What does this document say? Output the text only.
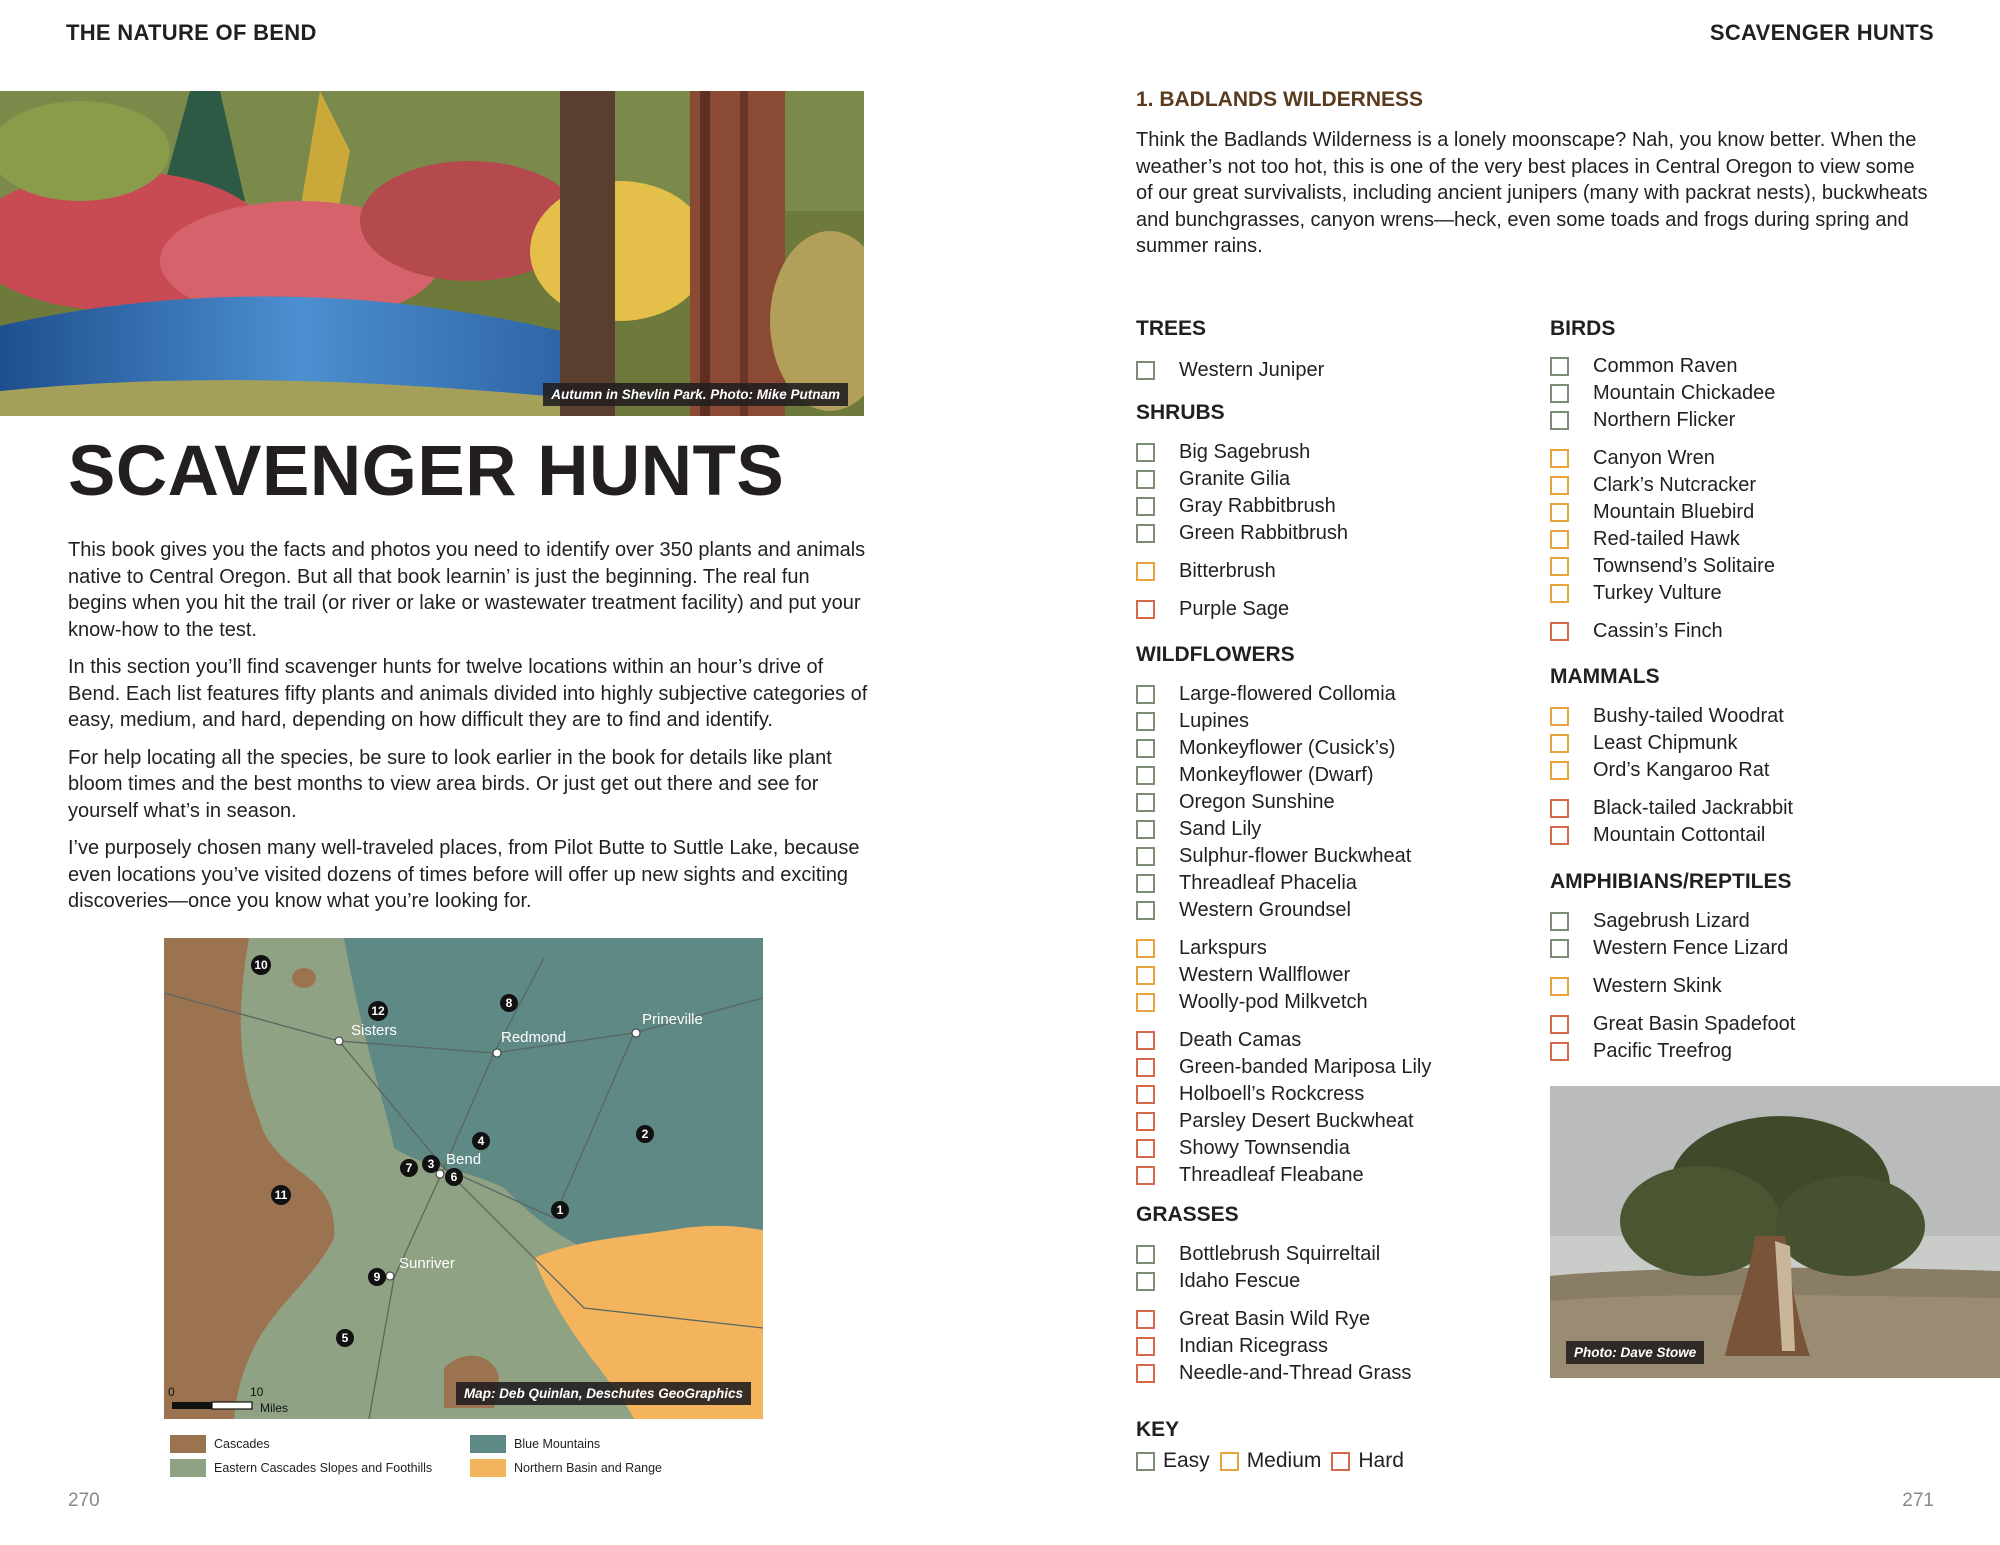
THE NATURE OF BEND
Autumn in Shevlin Park. Photo: Mike Putnam
SCAVENGER HUNTS

This book gives you the facts and photos you need to identify over 350 plants and animals native to Central Oregon. But all that book learnin’ is just the beginning. The real fun begins when you hit the trail (or river or lake or wastewater treatment facility) and put your know-how to the test.

In this section you’ll find scavenger hunts for twelve locations within an hour’s drive of Bend. Each list features fifty plants and animals divided into highly subjective categories of easy, medium, and hard, depending on how difficult they are to find and identify.

For help locating all the species, be sure to look earlier in the book for details like plant bloom times and the best months to view area birds. Or just get out there and see for yourself what’s in season.

I’ve purposely chosen many well-traveled places, from Pilot Butte to Suttle Lake, because even locations you’ve visited dozens of times before will offer up new sights and exciting discoveries—once you know what you’re looking for.

Sisters	Redmond
Prineville
Bend
Sunriver
1
2
3
4
5
6
7
8
9
10
11
12
0	10
Miles
Map: Deb Quinlan, Deschutes GeoGraphics
Cascades
Eastern Cascades Slopes and Foothills
Blue Mountains
Northern Basin and Range
270
SCAVENGER HUNTS
1. BADLANDS WILDERNESS
Think the Badlands Wilderness is a lonely moonscape? Nah, you know better. When the weather’s not too hot, this is one of the very best places in Central Oregon to view some of our great survivalists, including ancient junipers (many with packrat nests), buckwheats and bunchgrasses, canyon wrens—heck, even some toads and frogs during spring and summer rains.
TREES
SHRUBS
WILDFLOWERS
GRASSES
BIRDS
MAMMALS
AMPHIBIANS/REPTILES
Western Juniper
Big Sagebrush
Granite Gilia
Gray Rabbitbrush
Green Rabbitbrush
Bitterbrush
Purple Sage
Large-flowered Collomia
Lupines
Monkeyflower (Cusick’s)
Monkeyflower (Dwarf)
Oregon Sunshine
Sand Lily
Sulphur-flower Buckwheat
Threadleaf Phacelia
Western Groundsel
Larkspurs
Western Wallflower
Woolly-pod Milkvetch
Death Camas
Green-banded Mariposa Lily
Holboell’s Rockcress
Parsley Desert Buckwheat
Showy Townsendia
Threadleaf Fleabane
Bottlebrush Squirreltail
Idaho Fescue
Great Basin Wild Rye
Indian Ricegrass
Needle-and-Thread Grass
Common Raven
Mountain Chickadee
Northern Flicker
Canyon Wren
Clark’s Nutcracker
Mountain Bluebird
Red-tailed Hawk
Townsend’s Solitaire
Turkey Vulture
Cassin’s Finch
Bushy-tailed Woodrat
Least Chipmunk
Ord’s Kangaroo Rat
Black-tailed Jackrabbit
Mountain Cottontail
Sagebrush Lizard
Western Fence Lizard
Western Skink
Great Basin Spadefoot
Pacific Treefrog
Photo: Dave Stowe
KEY
Easy Medium Hard
271
